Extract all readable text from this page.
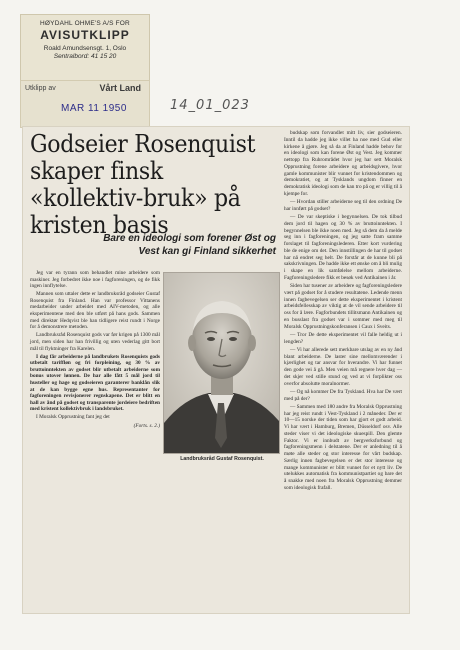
HØYDAHL OHME'S A/S FOR
AVISUTKLIPP
Roald Amundsensgt. 1, Oslo
Sentralbord: 41 15 20
Utklipp av	Vårt Land
MAR 11 1950	14_01_023
Godseier Rosenquist skaper finsk «kollektiv-bruk» på kristen basis
Bare en ideologi som forener Øst og Vest kan gi Finland sikkerhet

Jeg var en tyrann som behandlet mine arbeidere som maskiner. Jeg forbedret ikke noe i fagforeningen, og de fikk ingen innflytelse.

Mannen som uttaler dette er landbruksråd godseier Gustaf Rosenquist fra Finland. Han var professor Vittanens medarbeider under arbeidet med AIV-metoden, og alle eksperimentene med den ble utført på hans gods. Sammen med direktør Hedqvist ble han tidligere reist rundt i Norge for å demonstrere metoden.

Landbruksråd Rosenquist gods var før krigen på 1300 mål jord, men siden har han frivillig og uten vederlag gitt bort mål til flyktninger fra Karelen.

I dag får arbeiderne på landbrukets Rosenquists gods utbetalt tariffløn og fri forpleining, og 30 % av bruttoinntekten av godset blir utbetalt arbeiderne som bonus utover lønnen. De har alle fått 5 mål jord til husteller og hage og godseieren garanterer banklån slik at de kan bygge egne hus. Representanter for fagforeningen revisjonerer regnskapene. Det er blitt en hall av ånd på godset og transparente jordeiere bedriften med kristent kollektivbruk i landsbruket.

I Moralsk Opprustning fant jeg det

(Forts. s. 2.)

Landbruksråd Gustaf Rosenquist.

budskap som forvandlet mitt liv, sier godseieren. Inntil da hadde jeg ikke villet ha noe med Gud eller kirkene å gjøre. Jeg så da at Finland hadde behov for en ideologi som kan forene Øst og Vest. Jeg kommer nettopp fra Ruhrområdet hvor jeg har sett Moralsk Opprustning forene arbeidere og arbeidsgivere, hvor gamle kommunister blir vunnet for kristendommen og demokratiet, og at Tysklands ungdom finner en demokratisk ideologi som de kan tro på og er villig til å kjempe for.

— Hvordan stiller arbeiderne seg til den ordning De har innført på godset?

— De var skeptiske i begynnelsen. De tok tilbud dem jord til hagen og 30 % av bruttoinntekten. I begynnelsen ble ikke noen med. Jeg så dem da å melde seg inn i fagforeningen, og jeg satte fram samme forslaget til fagforeningslederen. Etter kort vurdering ble de enige om det. Den innstillingen de har til godset har nå endret seg helt. De forstår at de kunne bli på sakskrivningen. De hadde ikke ett ønske om å bli mulig i skape en lik samfølelse mellom arbeiderne. Fagforeningsledere fikk et besøk ved Antikainen i år.

Siden har tusener av arbeidere og fagforeningsledere vært på godset for å studere resultatene. Ledende menn innen fagbevegelsen ser dette eksperimentet i kristent arbeidsfellesskap av viktig at de vil sende arbeidere til oss for å lære. Fagforbundets tillitsmann Antikainen og en busslast fra godset var i sommer med meg til Moralsk Opprustningskonferansen i Caux i Sveits.

— Tror De dette eksperimentet vil falle heldig ut i lengden?

— Vi har allerede sett merkbare utslag av en ny ånd blant arbeiderne. De laster sine mellomværender i kjærlighet og tar ansvar for hverandre. Vi har funnet den gode vei å gå. Men veien må regnere hver dag — det skjer ved stille stund og ved at vi forplikter oss overfor absolutte moralnormer.

— Og nå kommer De fra Tyskland. Hva har De vært med på der?

— Sammen med 180 andre fra Moralsk Opprustning har jeg reist rundt i Vest-Tyskland i 2 måneder. Der er 10—15 norske der tiden som har gjort et godt arbeid. Vi har vært i Hamburg, Bremen, Düsseldorf osv. Alle steder viser vi det ideologiske skuespill. Den glemte Faktor. Vi er innbudt av bergverksforbund og fagforeningsmenn i delstatene. Der er anledning til å møte alle steder og stor interesse for vårt budskap. Særlig innen fagbevegelsen er det stor interesse og mange kommunister er blitt vunnet for et nytt liv. De utelukkes automatisk fra kommunistpartiet og bare det å snakke med noen fra Moralsk Opprustning demmer som ideologisk frafall.
